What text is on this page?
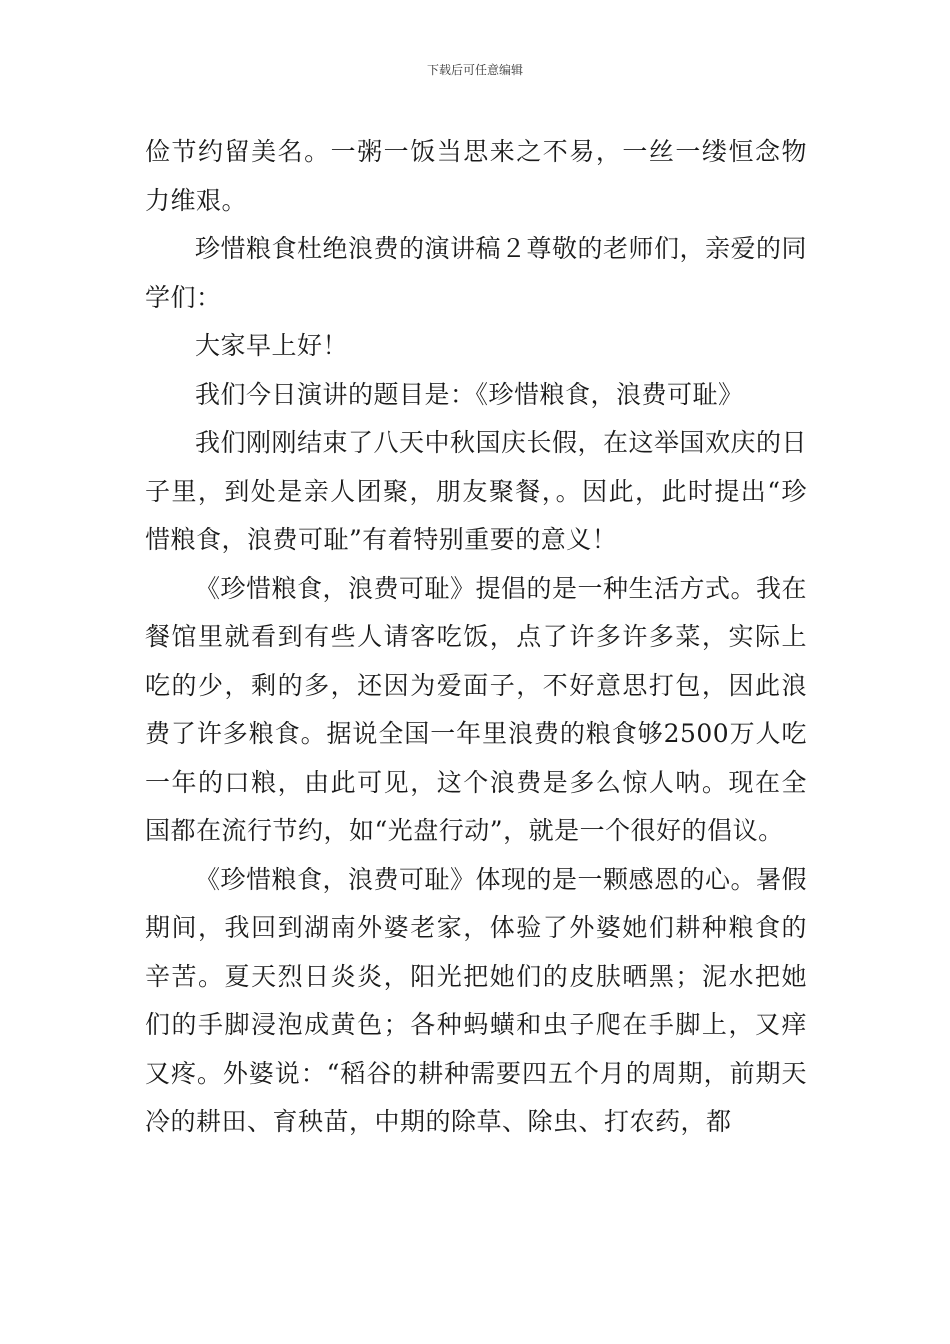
下载后可任意编辑

俭节约留美名。一粥一饭当思来之不易，一丝一缕恒念物力维艰。

珍惜粮食杜绝浪费的演讲稿２尊敬的老师们，亲爱的同学们：

大家早上好！

我们今日演讲的题目是：《珍惜粮食，浪费可耻》

我们刚刚结束了八天中秋国庆长假，在这举国欢庆的日子里，到处是亲人团聚，朋友聚餐，。因此，此时提出“珍惜粮食，浪费可耻”有着特别重要的意义！

《珍惜粮食，浪费可耻》提倡的是一种生活方式。我在餐馆里就看到有些人请客吃饭，点了许多许多菜，实际上吃的少，剩的多，还因为爱面子，不好意思打包，因此浪费了许多粮食。据说全国一年里浪费的粮食够2500万人吃一年的口粮，由此可见，这个浪费是多么惊人呐。现在全国都在流行节约，如“光盘行动”，就是一个很好的倡议。

《珍惜粮食，浪费可耻》体现的是一颗感恩的心。暑假期间，我回到湖南外婆老家，体验了外婆她们耕种粮食的辛苦。夏天烈日炎炎，阳光把她们的皮肤晒黑；泥水把她们的手脚浸泡成黄色；各种蚂蟥和虫子爬在手脚上，又痒又疼。外婆说：“稻谷的耕种需要四五个月的周期，前期天冷的耕田、育秧苗，中期的除草、除虫、打农药，都
